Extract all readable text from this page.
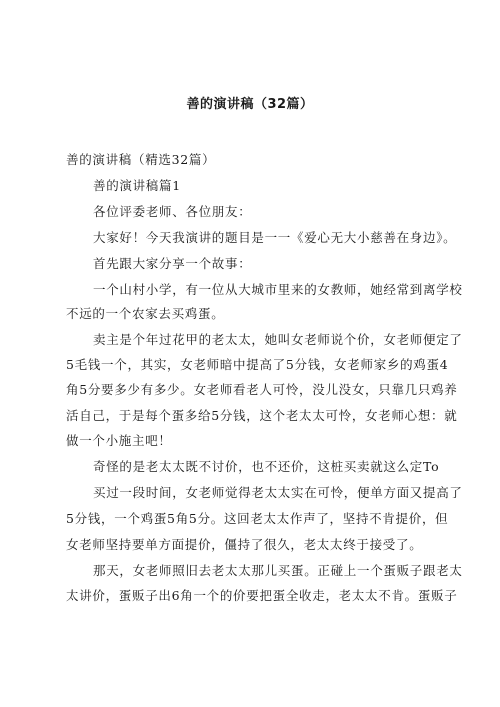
善的演讲稿（32篇）
善的演讲稿（精选32篇）
善的演讲稿篇1
各位评委老师、各位朋友：
大家好！今天我演讲的题目是一一《爱心无大小慈善在身边》。
首先跟大家分享一个故事：
一个山村小学，有一位从大城市里来的女教师，她经常到离学校
不远的一个农家去买鸡蛋。
卖主是个年过花甲的老太太，她叫女老师说个价，女老师便定了
5毛钱一个，其实，女老师暗中提高了5分钱，女老师家乡的鸡蛋4
角5分要多少有多少。女老师看老人可怜，没儿没女，只靠几只鸡养
活自己，于是每个蛋多给5分钱，这个老太太可怜，女老师心想：就
做一个小施主吧！
奇怪的是老太太既不讨价，也不还价，这桩买卖就这么定To
买过一段时间，女老师觉得老太太实在可怜，便单方面又提高了
5分钱，一个鸡蛋5角5分。这回老太太作声了，坚持不肯提价，但
女老师坚持要单方面提价，僵持了很久，老太太终于接受了。
那天，女老师照旧去老太太那儿买蛋。正碰上一个蛋贩子跟老太
太讲价，蛋贩子出6角一个的价要把蛋全收走，老太太不肯。蛋贩子
